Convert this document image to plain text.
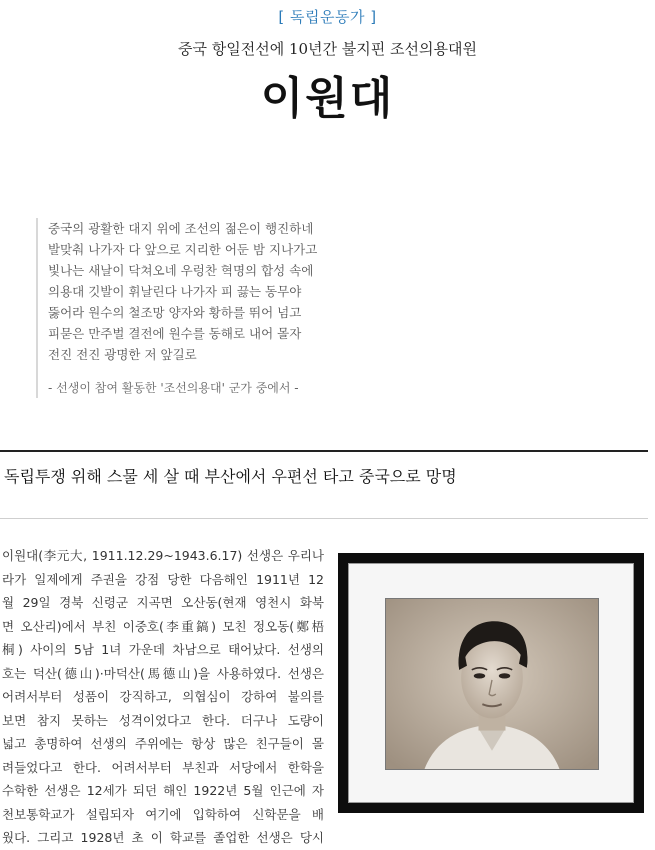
[ 독립운동가 ]
중국 항일전선에 10년간 불지핀 조선의용대원
이원대
중국의 광활한 대지 위에 조선의 젊은이 행진하네
발맞춰 나가자 다 앞으로 지리한 어둔 밤 지나가고
빛나는 새날이 닥쳐오네 우렁찬 혁명의 합성 속에
의용대 깃발이 휘날린다 나가자 피 끓는 동무야
뚫어라 원수의 철조망 양자와 황하를 뛰어 넘고
피묻은 만주벌 결전에 원수를 동해로 내어 몰자
전진 전진 광명한 저 앞길로
- 선생이 참여 활동한 '조선의용대' 군가 중에서 -
독립투쟁 위해 스물 세 살 때 부산에서 우편선 타고 중국으로 망명
이원대(李元大, 1911.12.29~1943.6.17) 선생은 우리나
라가 일제에게 주권을 강점 당한 다음해인 1911년 12
월 29일 경북 신령군 지곡면 오산동(현재 영천시 화북
면 오산리)에서 부친 이중호(李重鎬) 모친 정오동(鄭梧
桐) 사이의 5남 1녀 가운데 차남으로 태어났다. 선생의
호는 덕산(德山)·마덕산(馬德山)을 사용하였다. 선생은
어려서부터 성품이 강직하고, 의협심이 강하여 불의를
보면 참지 못하는 성격이었다고 한다. 더구나 도량이
넓고 총명하여 선생의 주위에는 항상 많은 친구들이 몰
려들었다고 한다. 어려서부터 부친과 서당에서 한학을
수학한 선생은 12세가 되던 해인 1922년 5월 인근에 자
천보통학교가 설립되자 여기에 입학하여 신학문을 배
웠다. 그리고 1928년 초 이 학교를 졸업한 선생은 당시
